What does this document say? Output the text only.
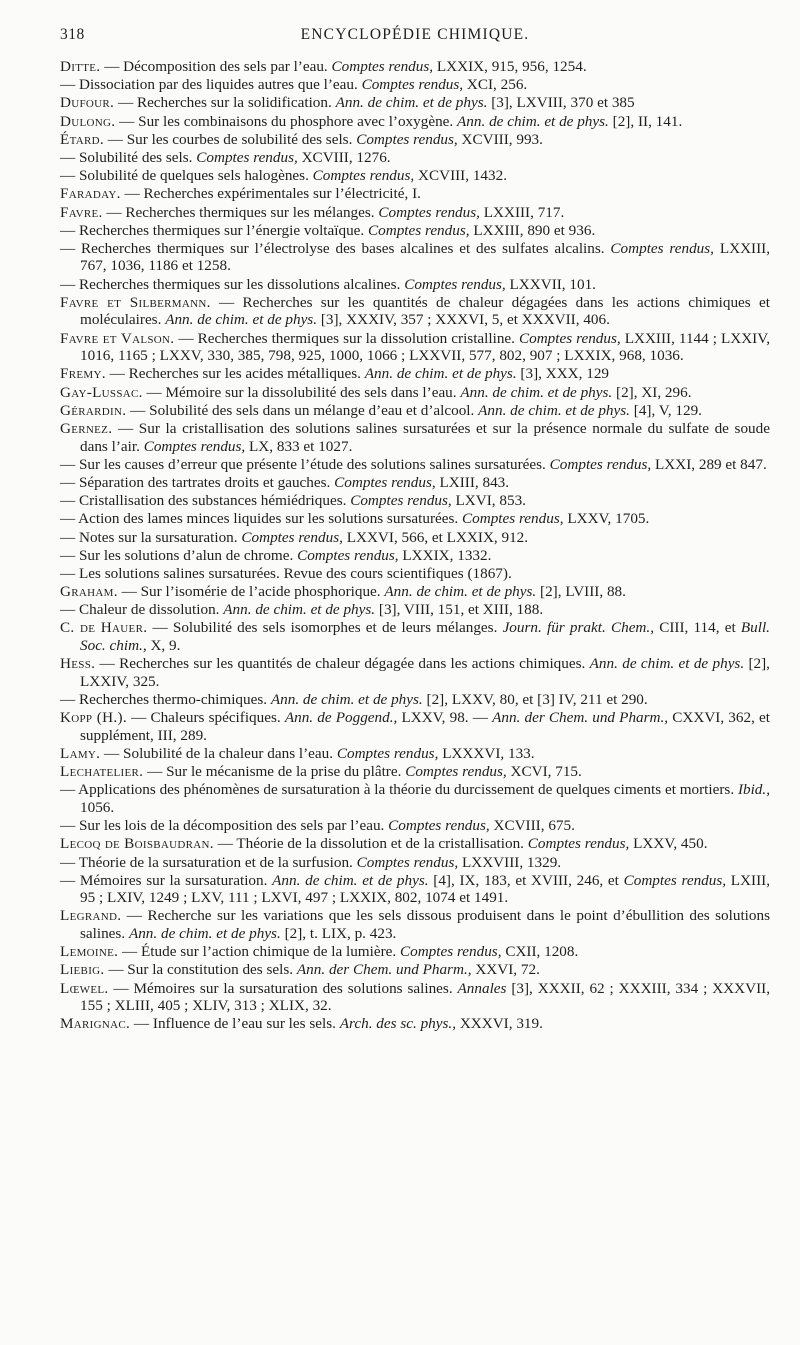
318	ENCYCLOPÉDIE CHIMIQUE.

Ditte. — Décomposition des sels par l’eau. Comptes rendus, LXXIX, 915, 956, 1254.

— Dissociation par des liquides autres que l’eau. Comptes rendus, XCI, 256.

Dufour. — Recherches sur la solidification. Ann. de chim. et de phys. [3], LXVIII, 370 et 385

Dulong. — Sur les combinaisons du phosphore avec l’oxygène. Ann. de chim. et de phys. [2], II, 141.

Étard. — Sur les courbes de solubilité des sels. Comptes rendus, XCVIII, 993.

— Solubilité des sels. Comptes rendus, XCVIII, 1276.

— Solubilité de quelques sels halogènes. Comptes rendus, XCVIII, 1432.

Faraday. — Recherches expérimentales sur l’électricité, I.

Favre. — Recherches thermiques sur les mélanges. Comptes rendus, LXXIII, 717.

— Recherches thermiques sur l’énergie voltaïque. Comptes rendus, LXXIII, 890 et 936.

— Recherches thermiques sur l’électrolyse des bases alcalines et des sulfates alcalins. Comptes rendus, LXXIII, 767, 1036, 1186 et 1258.

— Recherches thermiques sur les dissolutions alcalines. Comptes rendus, LXXVII, 101.

Favre et Silbermann. — Recherches sur les quantités de chaleur dégagées dans les actions chimiques et moléculaires. Ann. de chim. et de phys. [3], XXXIV, 357 ; XXXVI, 5, et XXXVII, 406.

Favre et Valson. — Recherches thermiques sur la dissolution cristalline. Comptes rendus, LXXIII, 1144 ; LXXIV, 1016, 1165 ; LXXV, 330, 385, 798, 925, 1000, 1066 ; LXXVII, 577, 802, 907 ; LXXIX, 968, 1036.

Fremy. — Recherches sur les acides métalliques. Ann. de chim. et de phys. [3], XXX, 129

Gay-Lussac. — Mémoire sur la dissolubilité des sels dans l’eau. Ann. de chim. et de phys. [2], XI, 296.

Gérardin. — Solubilité des sels dans un mélange d’eau et d’alcool. Ann. de chim. et de phys. [4], V, 129.

Gernez. — Sur la cristallisation des solutions salines sursaturées et sur la présence normale du sulfate de soude dans l’air. Comptes rendus, LX, 833 et 1027.

— Sur les causes d’erreur que présente l’étude des solutions salines sursaturées. Comptes rendus, LXXI, 289 et 847.

— Séparation des tartrates droits et gauches. Comptes rendus, LXIII, 843.

— Cristallisation des substances hémiédriques. Comptes rendus, LXVI, 853.

— Action des lames minces liquides sur les solutions sursaturées. Comptes rendus, LXXV, 1705.

— Notes sur la sursaturation. Comptes rendus, LXXVI, 566, et LXXIX, 912.

— Sur les solutions d’alun de chrome. Comptes rendus, LXXIX, 1332.

— Les solutions salines sursaturées. Revue des cours scientifiques (1867).

Graham. — Sur l’isomérie de l’acide phosphorique. Ann. de chim. et de phys. [2], LVIII, 88.

— Chaleur de dissolution. Ann. de chim. et de phys. [3], VIII, 151, et XIII, 188.

C. de Hauer. — Solubilité des sels isomorphes et de leurs mélanges. Journ. für prakt. Chem., CIII, 114, et Bull. Soc. chim., X, 9.

Hess. — Recherches sur les quantités de chaleur dégagée dans les actions chimiques. Ann. de chim. et de phys. [2], LXXIV, 325.

— Recherches thermo-chimiques. Ann. de chim. et de phys. [2], LXXV, 80, et [3] IV, 211 et 290.

Kopp (H.). — Chaleurs spécifiques. Ann. de Poggend., LXXV, 98. — Ann. der Chem. und Pharm., CXXVI, 362, et supplément, III, 289.

Lamy. — Solubilité de la chaleur dans l’eau. Comptes rendus, LXXXVI, 133.

Lechatelier. — Sur le mécanisme de la prise du plâtre. Comptes rendus, XCVI, 715.

— Applications des phénomènes de sursaturation à la théorie du durcissement de quelques ciments et mortiers. Ibid., 1056.

— Sur les lois de la décomposition des sels par l’eau. Comptes rendus, XCVIII, 675.

Lecoq de Boisbaudran. — Théorie de la dissolution et de la cristallisation. Comptes rendus, LXXV, 450.

— Théorie de la sursaturation et de la surfusion. Comptes rendus, LXXVIII, 1329.

— Mémoires sur la sursaturation. Ann. de chim. et de phys. [4], IX, 183, et XVIII, 246, et Comptes rendus, LXIII, 95 ; LXIV, 1249 ; LXV, 111 ; LXVI, 497 ; LXXIX, 802, 1074 et 1491.

Legrand. — Recherche sur les variations que les sels dissous produisent dans le point d’ébullition des solutions salines. Ann. de chim. et de phys. [2], t. LIX, p. 423.

Lemoine. — Étude sur l’action chimique de la lumière. Comptes rendus, CXII, 1208.

Liebig. — Sur la constitution des sels. Ann. der Chem. und Pharm., XXVI, 72.

Lœwel. — Mémoires sur la sursaturation des solutions salines. Annales [3], XXXII, 62 ; XXXIII, 334 ; XXXVII, 155 ; XLIII, 405 ; XLIV, 313 ; XLIX, 32.

Marignac. — Influence de l’eau sur les sels. Arch. des sc. phys., XXXVI, 319.
